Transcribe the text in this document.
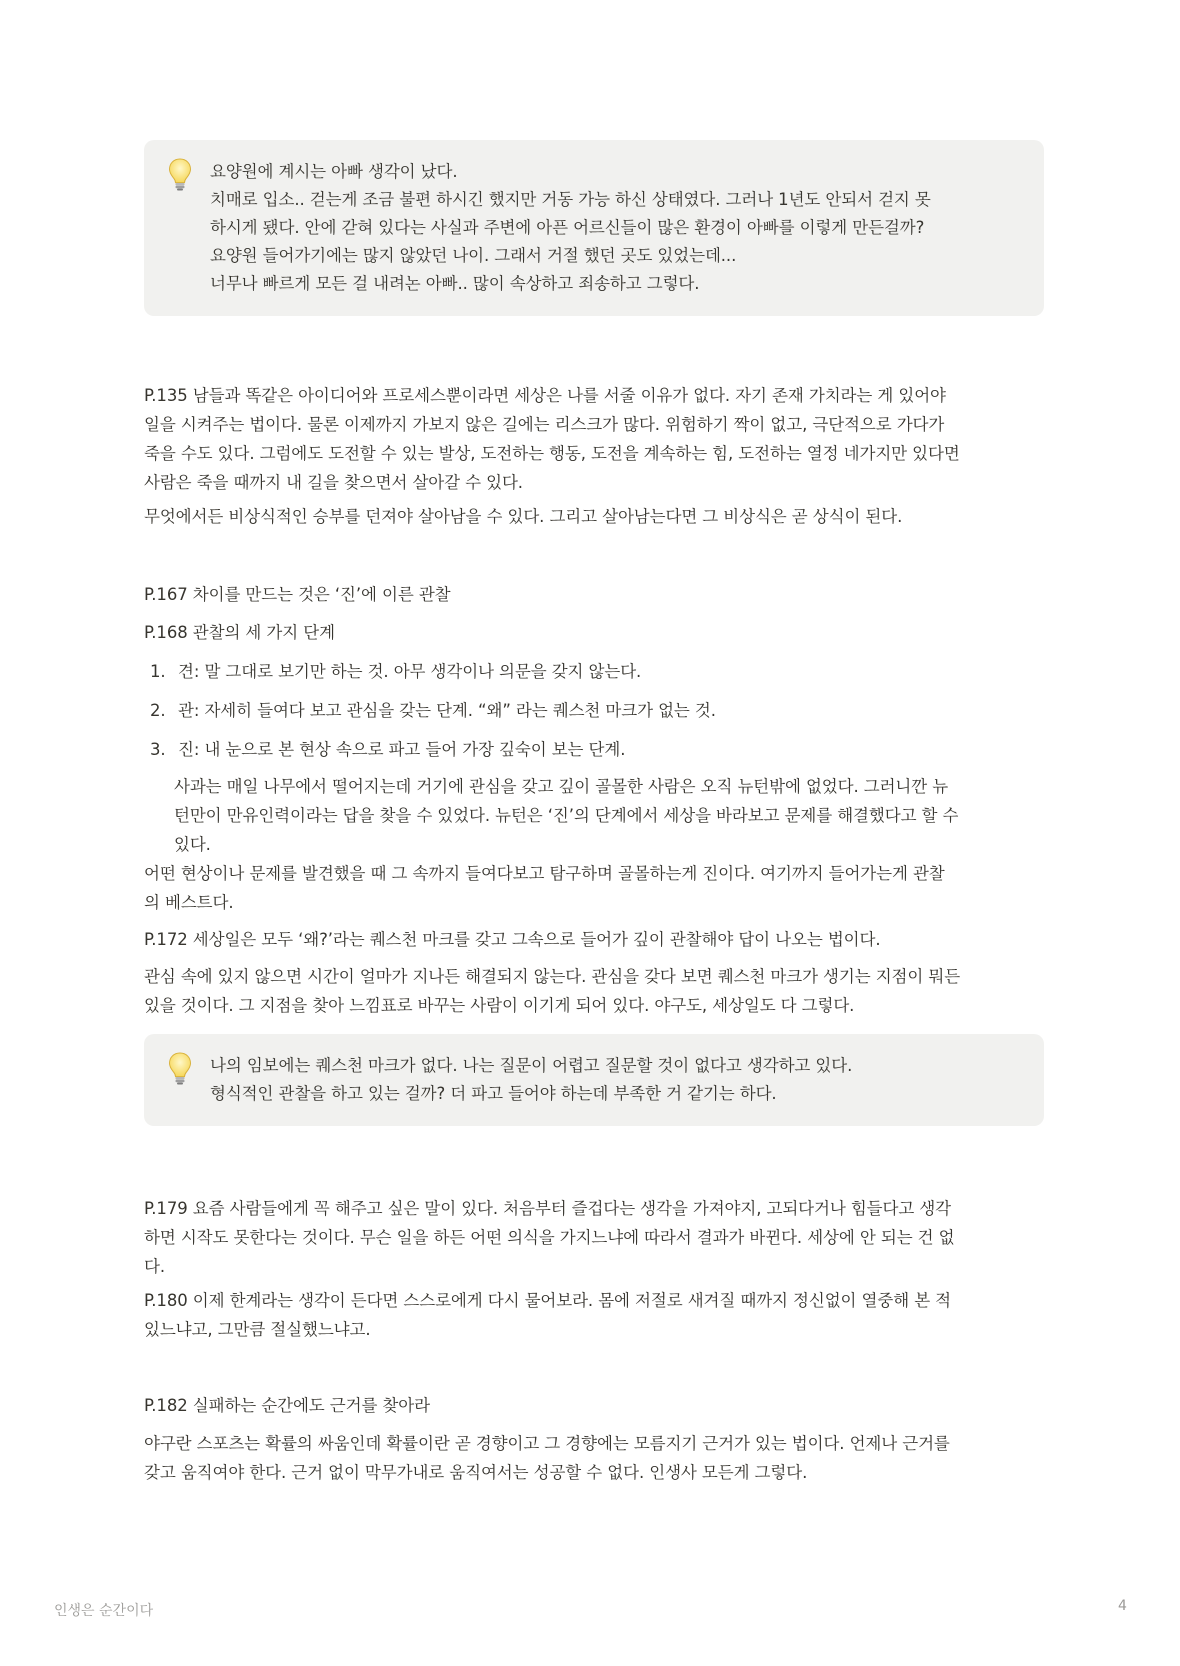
요양원에 계시는 아빠 생각이 났다.
치매로 입소.. 걷는게 조금 불편 하시긴 했지만 거동 가능 하신 상태였다. 그러나 1년도 안되서 걷지 못
하시게 됐다. 안에 갇혀 있다는 사실과 주변에 아픈 어르신들이 많은 환경이 아빠를 이렇게 만든걸까?
요양원 들어가기에는 많지 않았던 나이. 그래서 거절 했던 곳도 있었는데...
너무나 빠르게 모든 걸 내려논 아빠.. 많이 속상하고 죄송하고 그렇다.

P.135 남들과 똑같은 아이디어와 프로세스뿐이라면 세상은 나를 서줄 이유가 없다. 자기 존재 가치라는 게 있어야

일을 시켜주는 법이다. 물론 이제까지 가보지 않은 길에는 리스크가 많다. 위험하기 짝이 없고, 극단적으로 가다가

죽을 수도 있다. 그럼에도 도전할 수 있는 발상, 도전하는 행동, 도전을 계속하는 힘, 도전하는 열정 네가지만 있다면

사람은 죽을 때까지 내 길을 찾으면서 살아갈 수 있다.

무엇에서든 비상식적인 승부를 던져야 살아남을 수 있다. 그리고 살아남는다면 그 비상식은 곧 상식이 된다.

P.167 차이를 만드는 것은 ‘진’에 이른 관찰

P.168 관찰의 세 가지 단계

1. 견: 말 그대로 보기만 하는 것. 아무 생각이나 의문을 갖지 않는다.
2. 관: 자세히 들여다 보고 관심을 갖는 단계. “왜” 라는 퀘스천 마크가 없는 것.
3. 진: 내 눈으로 본 현상 속으로 파고 들어 가장 깊숙이 보는 단계.

사과는 매일 나무에서 떨어지는데 거기에 관심을 갖고 깊이 골몰한 사람은 오직 뉴턴밖에 없었다. 그러니깐 뉴

턴만이 만유인력이라는 답을 찾을 수 있었다. 뉴턴은 ‘진’의 단계에서 세상을 바라보고 문제를 해결했다고 할 수

있다.

어떤 현상이나 문제를 발견했을 때 그 속까지 들여다보고 탐구하며 골몰하는게 진이다. 여기까지 들어가는게 관찰

의 베스트다.

P.172 세상일은 모두 ‘왜?’라는 퀘스천 마크를 갖고 그속으로 들어가 깊이 관찰해야 답이 나오는 법이다.

관심 속에 있지 않으면 시간이 얼마가 지나든 해결되지 않는다. 관심을 갖다 보면 퀘스천 마크가 생기는 지점이 뭐든

있을 것이다. 그 지점을 찾아 느낌표로 바꾸는 사람이 이기게 되어 있다. 야구도, 세상일도 다 그렇다.

나의 임보에는 퀘스천 마크가 없다. 나는 질문이 어렵고 질문할 것이 없다고 생각하고 있다.
형식적인 관찰을 하고 있는 걸까? 더 파고 들어야 하는데 부족한 거 같기는 하다.

P.179 요즘 사람들에게 꼭 해주고 싶은 말이 있다. 처음부터 즐겁다는 생각을 가져야지, 고되다거나 힘들다고 생각

하면 시작도 못한다는 것이다. 무슨 일을 하든 어떤 의식을 가지느냐에 따라서 결과가 바뀐다. 세상에 안 되는 건 없

다.

P.180 이제 한계라는 생각이 든다면 스스로에게 다시 물어보라. 몸에 저절로 새겨질 때까지 정신없이 열중해 본 적

있느냐고, 그만큼 절실했느냐고.

P.182 실패하는 순간에도 근거를 찾아라

야구란 스포츠는 확률의 싸움인데 확률이란 곧 경향이고 그 경향에는 모름지기 근거가 있는 법이다. 언제나 근거를

갖고 움직여야 한다. 근거 없이 막무가내로 움직여서는 성공할 수 없다. 인생사 모든게 그렇다.

인생은 순간이다	4
